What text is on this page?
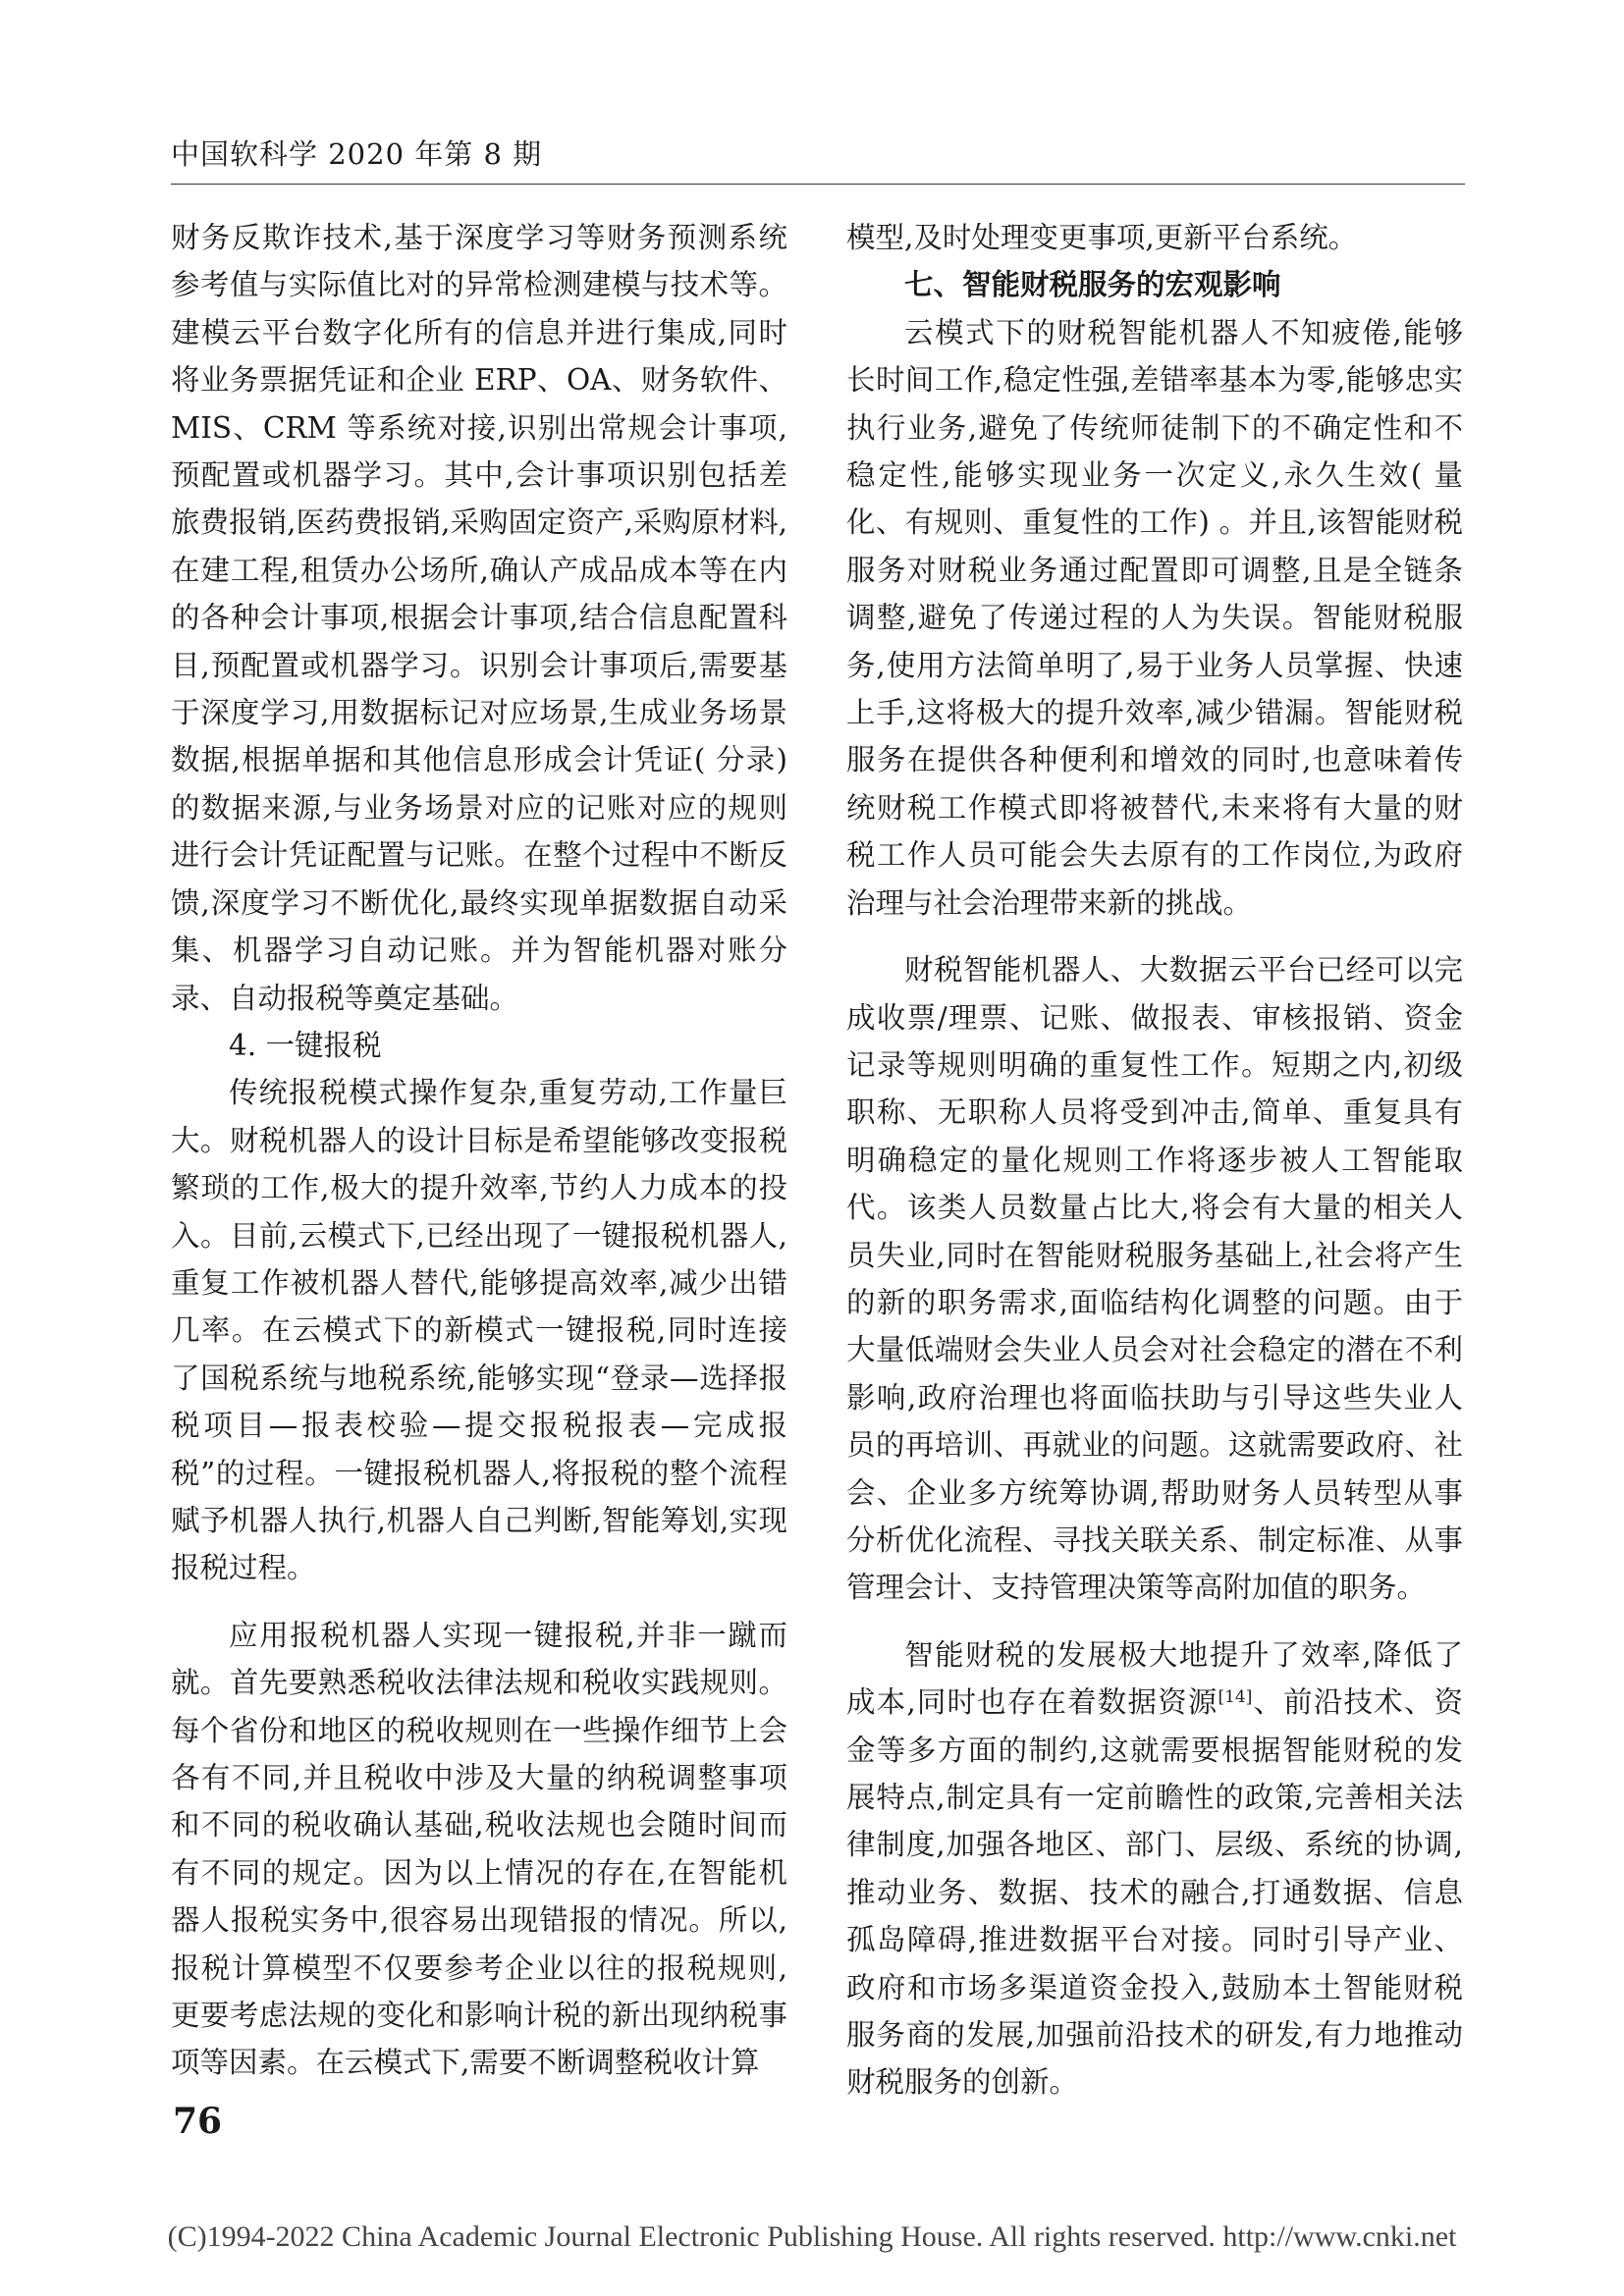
中国软科学 2020 年第 8 期

财务反欺诈技术,基于深度学习等财务预测系统参考值与实际值比对的异常检测建模与技术等。建模云平台数字化所有的信息并进行集成,同时将业务票据凭证和企业 ERP、OA、财务软件、MIS、CRM 等系统对接,识别出常规会计事项,预配置或机器学习。其中,会计事项识别包括差旅费报销,医药费报销,采购固定资产,采购原材料,在建工程,租赁办公场所,确认产成品成本等在内的各种会计事项,根据会计事项,结合信息配置科目,预配置或机器学习。识别会计事项后,需要基于深度学习,用数据标记对应场景,生成业务场景数据,根据单据和其他信息形成会计凭证( 分录) 的数据来源,与业务场景对应的记账对应的规则进行会计凭证配置与记账。在整个过程中不断反馈,深度学习不断优化,最终实现单据数据自动采集、机器学习自动记账。并为智能机器对账分录、自动报税等奠定基础。

4. 一键报税

传统报税模式操作复杂,重复劳动,工作量巨大。财税机器人的设计目标是希望能够改变报税繁琐的工作,极大的提升效率,节约人力成本的投入。目前,云模式下,已经出现了一键报税机器人,重复工作被机器人替代,能够提高效率,减少出错几率。在云模式下的新模式一键报税,同时连接了国税系统与地税系统,能够实现“登录—选择报税项目—报表校验—提交报税报表—完成报税”的过程。一键报税机器人,将报税的整个流程赋予机器人执行,机器人自己判断,智能筹划,实现报税过程。

应用报税机器人实现一键报税,并非一蹴而就。首先要熟悉税收法律法规和税收实践规则。每个省份和地区的税收规则在一些操作细节上会各有不同,并且税收中涉及大量的纳税调整事项和不同的税收确认基础,税收法规也会随时间而有不同的规定。因为以上情况的存在,在智能机器人报税实务中,很容易出现错报的情况。所以,报税计算模型不仅要参考企业以往的报税规则,更要考虑法规的变化和影响计税的新出现纳税事项等因素。在云模式下,需要不断调整税收计算

模型,及时处理变更事项,更新平台系统。

七、智能财税服务的宏观影响

云模式下的财税智能机器人不知疲倦,能够长时间工作,稳定性强,差错率基本为零,能够忠实执行业务,避免了传统师徒制下的不确定性和不稳定性,能够实现业务一次定义,永久生效( 量化、有规则、重复性的工作) 。并且,该智能财税服务对财税业务通过配置即可调整,且是全链条调整,避免了传递过程的人为失误。智能财税服务,使用方法简单明了,易于业务人员掌握、快速上手,这将极大的提升效率,减少错漏。智能财税服务在提供各种便利和增效的同时,也意味着传统财税工作模式即将被替代,未来将有大量的财税工作人员可能会失去原有的工作岗位,为政府治理与社会治理带来新的挑战。

财税智能机器人、大数据云平台已经可以完成收票/理票、记账、做报表、审核报销、资金记录等规则明确的重复性工作。短期之内,初级职称、无职称人员将受到冲击,简单、重复具有明确稳定的量化规则工作将逐步被人工智能取代。该类人员数量占比大,将会有大量的相关人员失业,同时在智能财税服务基础上,社会将产生的新的职务需求,面临结构化调整的问题。由于大量低端财会失业人员会对社会稳定的潜在不利影响,政府治理也将面临扶助与引导这些失业人员的再培训、再就业的问题。这就需要政府、社会、企业多方统筹协调,帮助财务人员转型从事分析优化流程、寻找关联关系、制定标准、从事管理会计、支持管理决策等高附加值的职务。

智能财税的发展极大地提升了效率,降低了成本,同时也存在着数据资源[14]、前沿技术、资金等多方面的制约,这就需要根据智能财税的发展特点,制定具有一定前瞻性的政策,完善相关法律制度,加强各地区、部门、层级、系统的协调,推动业务、数据、技术的融合,打通数据、信息孤岛障碍,推进数据平台对接。同时引导产业、政府和市场多渠道资金投入,鼓励本土智能财税服务商的发展,加强前沿技术的研发,有力地推动财税服务的创新。

76
(C)1994-2022 China Academic Journal Electronic Publishing House. All rights reserved. http://www.cnki.net
